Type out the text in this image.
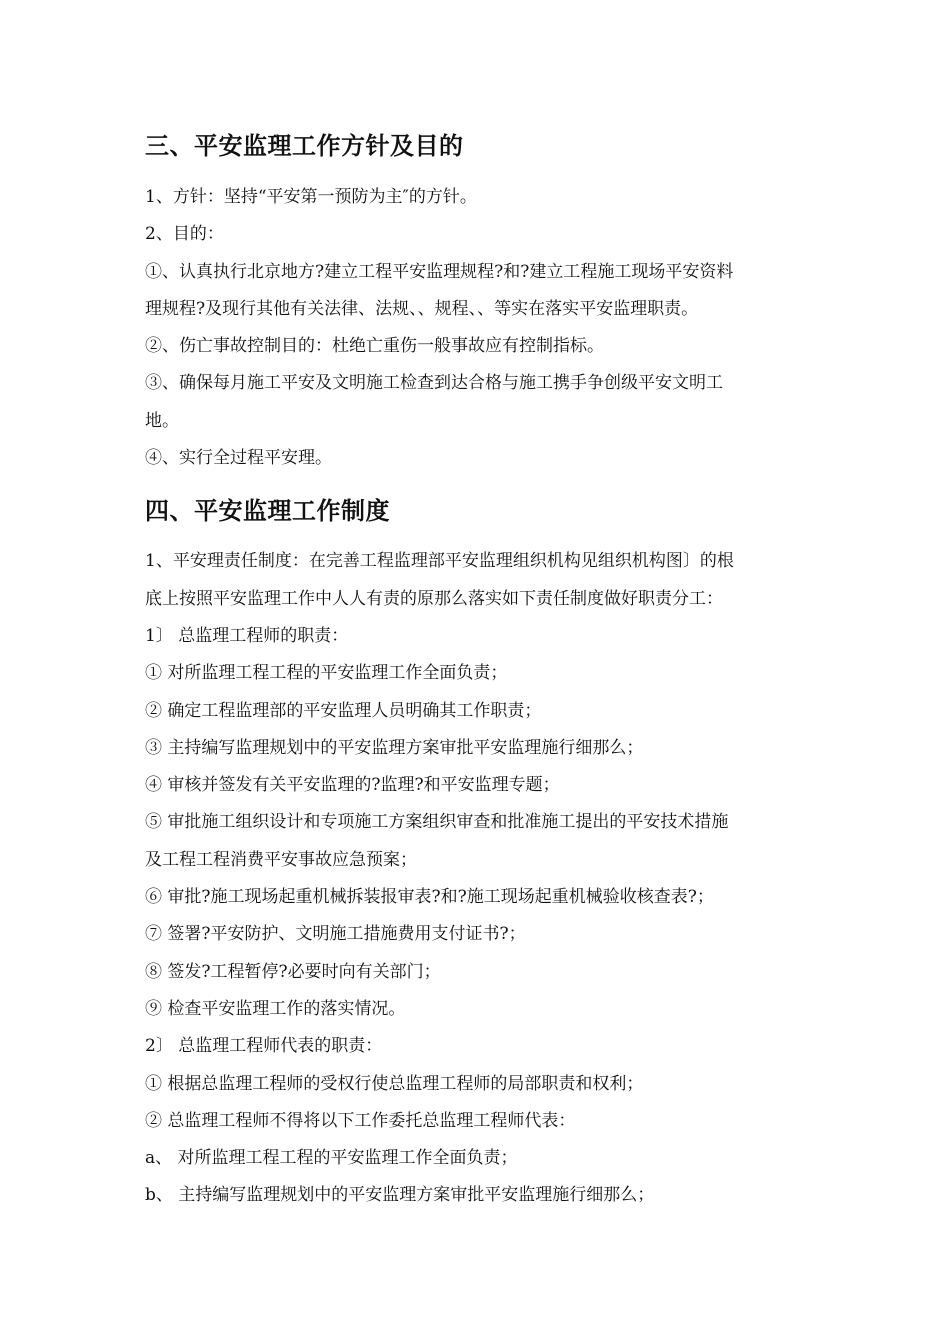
三、平安监理工作方针及目的

1、方针：坚持“平安第一预防为主″的方针。

2、目的：

①、认真执行北京地方?建立工程平安监理规程?和?建立工程施工现场平安资料

理规程?及现行其他有关法律、法规、、规程、、等实在落实平安监理职责。

②、伤亡事故控制目的：杜绝亡重伤一般事故应有控制指标。

③、确保每月施工平安及文明施工检查到达合格与施工携手争创级平安文明工

地。

④、实行全过程平安理。

四、平安监理工作制度

1、平安理责任制度：在完善工程监理部平安监理组织机构见组织机构图〕的根

底上按照平安监理工作中人人有责的原那么落实如下责任制度做好职责分工：

1〕 总监理工程师的职责：

① 对所监理工程工程的平安监理工作全面负责；

② 确定工程监理部的平安监理人员明确其工作职责；

③ 主持编写监理规划中的平安监理方案审批平安监理施行细那么；

④ 审核并签发有关平安监理的?监理?和平安监理专题；

⑤ 审批施工组织设计和专项施工方案组织审查和批准施工提出的平安技术措施

及工程工程消费平安事故应急预案；

⑥ 审批?施工现场起重机械拆装报审表?和?施工现场起重机械验收核查表?；

⑦ 签署?平安防护、文明施工措施费用支付证书?；

⑧ 签发?工程暂停?必要时向有关部门；

⑨ 检查平安监理工作的落实情况。

2〕 总监理工程师代表的职责：

① 根据总监理工程师的受权行使总监理工程师的局部职责和权利；

② 总监理工程师不得将以下工作委托总监理工程师代表：

a、 对所监理工程工程的平安监理工作全面负责；

b、 主持编写监理规划中的平安监理方案审批平安监理施行细那么；
